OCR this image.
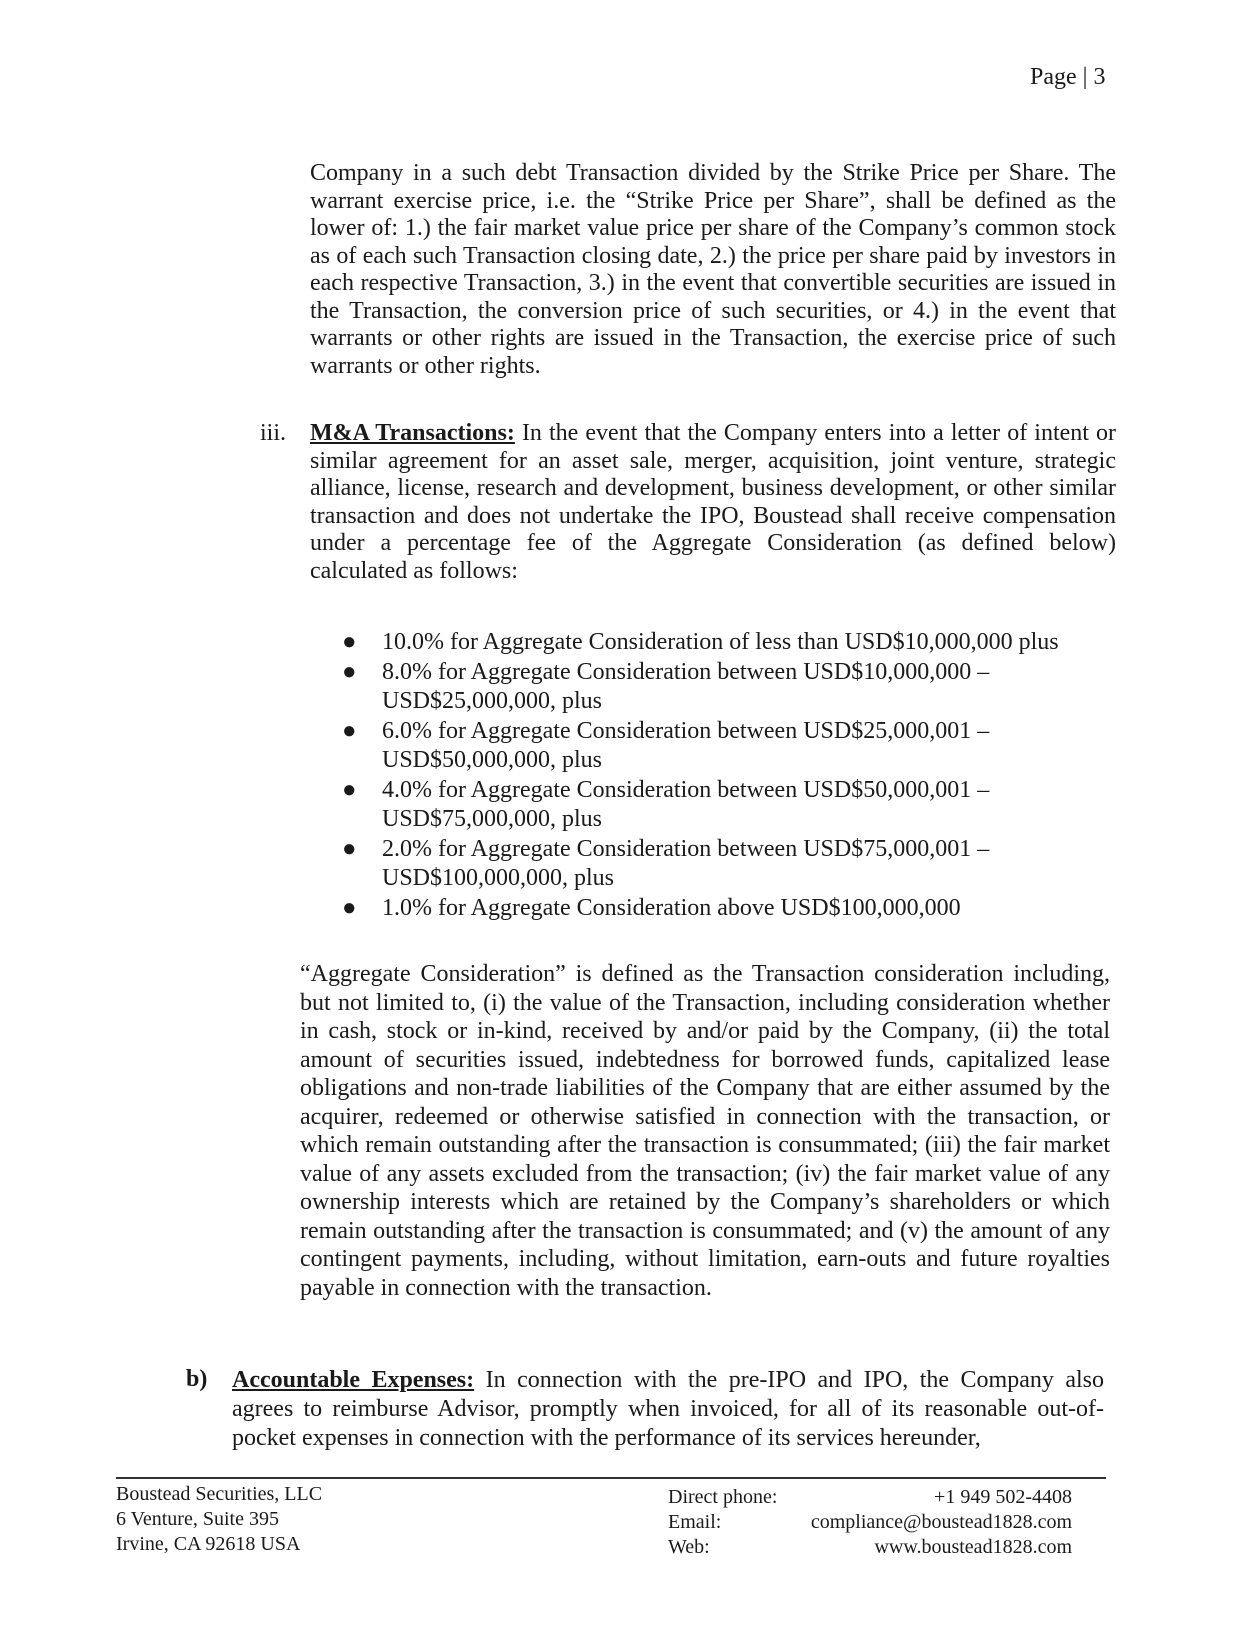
Page | 3

Company in a such debt Transaction divided by the Strike Price per Share. The warrant exercise price, i.e. the “Strike Price per Share”, shall be defined as the lower of: 1.) the fair market value price per share of the Company’s common stock as of each such Transaction closing date, 2.) the price per share paid by investors in each respective Transaction, 3.) in the event that convertible securities are issued in the Transaction, the conversion price of such securities, or 4.) in the event that warrants or other rights are issued in the Transaction, the exercise price of such warrants or other rights.

iii. M&A Transactions: In the event that the Company enters into a letter of intent or similar agreement for an asset sale, merger, acquisition, joint venture, strategic alliance, license, research and development, business development, or other similar transaction and does not undertake the IPO, Boustead shall receive compensation under a percentage fee of the Aggregate Consideration (as defined below) calculated as follows:

● 10.0% for Aggregate Consideration of less than USD$10,000,000 plus
● 8.0% for Aggregate Consideration between USD$10,000,000 – USD$25,000,000, plus
● 6.0% for Aggregate Consideration between USD$25,000,001 – USD$50,000,000, plus
● 4.0% for Aggregate Consideration between USD$50,000,001 – USD$75,000,000, plus
● 2.0% for Aggregate Consideration between USD$75,000,001 – USD$100,000,000, plus
● 1.0% for Aggregate Consideration above USD$100,000,000

“Aggregate Consideration” is defined as the Transaction consideration including, but not limited to, (i) the value of the Transaction, including consideration whether in cash, stock or in-kind, received by and/or paid by the Company, (ii) the total amount of securities issued, indebtedness for borrowed funds, capitalized lease obligations and non-trade liabilities of the Company that are either assumed by the acquirer, redeemed or otherwise satisfied in connection with the transaction, or which remain outstanding after the transaction is consummated; (iii) the fair market value of any assets excluded from the transaction; (iv) the fair market value of any ownership interests which are retained by the Company’s shareholders or which remain outstanding after the transaction is consummated; and (v) the amount of any contingent payments, including, without limitation, earn-outs and future royalties payable in connection with the transaction.

b) Accountable Expenses: In connection with the pre-IPO and IPO, the Company also agrees to reimburse Advisor, promptly when invoiced, for all of its reasonable out-of-pocket expenses in connection with the performance of its services hereunder,

Boustead Securities, LLC
6 Venture, Suite 395
Irvine, CA 92618 USA
Direct phone:	+1 949 502-4408
Email:	compliance@boustead1828.com
Web:	www.boustead1828.com
